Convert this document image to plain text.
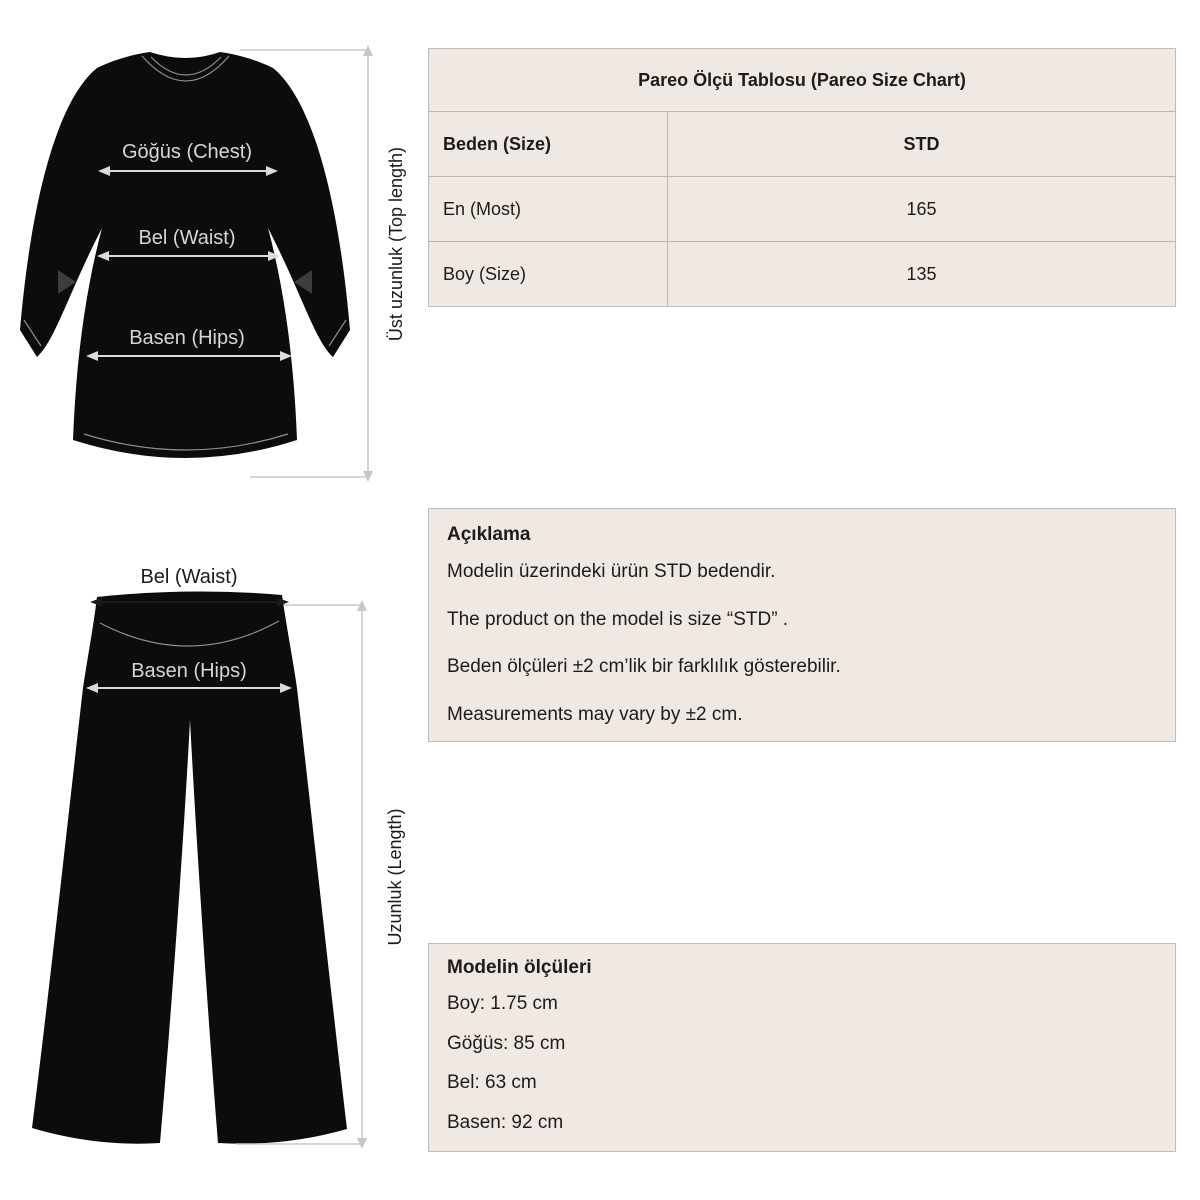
Göğüs (Chest)
Bel (Waist)
Basen (Hips)	Üst uzunluk (Top length)
Bel (Waist)
Basen (Hips)
Uzunluk (Length)
Pareo Ölçü Tablosu (Pareo Size Chart)
Beden (Size)	STD
En (Most)	165
Boy (Size)	135
Açıklama
Modelin üzerindeki ürün STD bedendir.
The product on the model is size “STD” .
Beden ölçüleri ±2 cm’lik bir farklılık gösterebilir.
Measurements may vary by ±2 cm.
Modelin ölçüleri
Boy: 1.75 cm
Göğüs: 85 cm
Bel: 63 cm
Basen: 92 cm
